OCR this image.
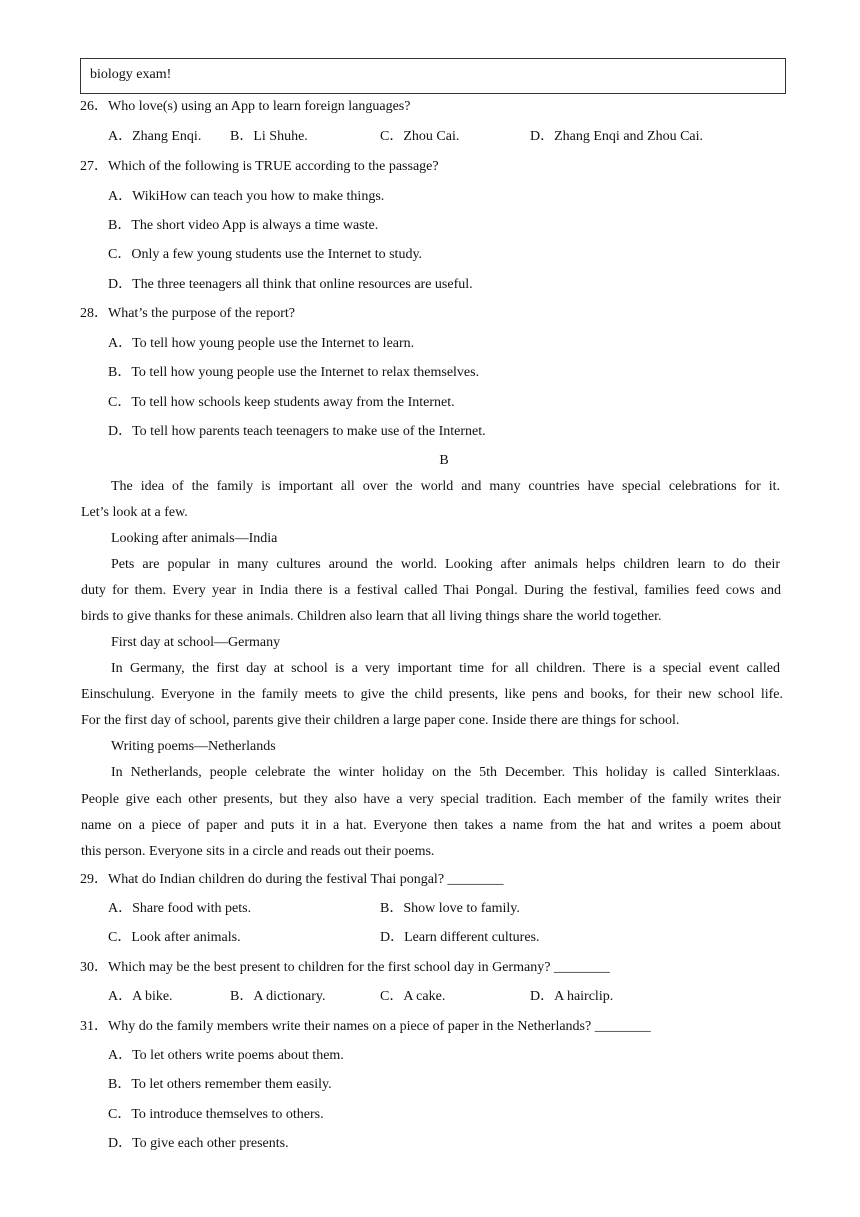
biology exam!
26．Who love(s) using an App to learn foreign languages?
A．Zhang Enqi. B．Li Shuhe.	C．Zhou Cai.	D．Zhang Enqi and Zhou Cai.
27．Which of the following is TRUE according to the passage?
A．WikiHow can teach you how to make things.
B．The short video App is always a time waste.
C．Only a few young students use the Internet to study.
D．The three teenagers all think that online resources are useful.
28．What’s the purpose of the report?
A．To tell how young people use the Internet to learn.
B．To tell how young people use the Internet to relax themselves.
C．To tell how schools keep students away from the Internet.
D．To tell how parents teach teenagers to make use of the Internet.
B
The idea of the family is important all over the world and many countries have special celebrations for it.
Let’s look at a few.
Looking after animals—India
Pets are popular in many cultures around the world. Looking after animals helps children learn to do their
duty for them. Every year in India there is a festival called Thai Pongal. During the festival, families feed cows and
birds to give thanks for these animals. Children also learn that all living things share the world together.
First day at school—Germany
In Germany, the first day at school is a very important time for all children. There is a special event called
Einschulung. Everyone in the family meets to give the child presents, like pens and books, for their new school life.
For the first day of school, parents give their children a large paper cone. Inside there are things for school.
Writing poems—Netherlands
In Netherlands, people celebrate the winter holiday on the 5th December. This holiday is called Sinterklaas.
People give each other presents, but they also have a very special tradition. Each member of the family writes their
name on a piece of paper and puts it in a hat. Everyone then takes a name from the hat and writes a poem about
this person. Everyone sits in a circle and reads out their poems.
29．What do Indian children do during the festival Thai pongal? ________
A．Share food with pets.	B．Show love to family.
C．Look after animals.	D．Learn different cultures.
30．Which may be the best present to children for the first school day in Germany? ________
A．A bike.	B．A dictionary.	C．A cake.	D．A hairclip.
31．Why do the family members write their names on a piece of paper in the Netherlands? ________
A．To let others write poems about them.
B．To let others remember them easily.
C．To introduce themselves to others.
D．To give each other presents.
